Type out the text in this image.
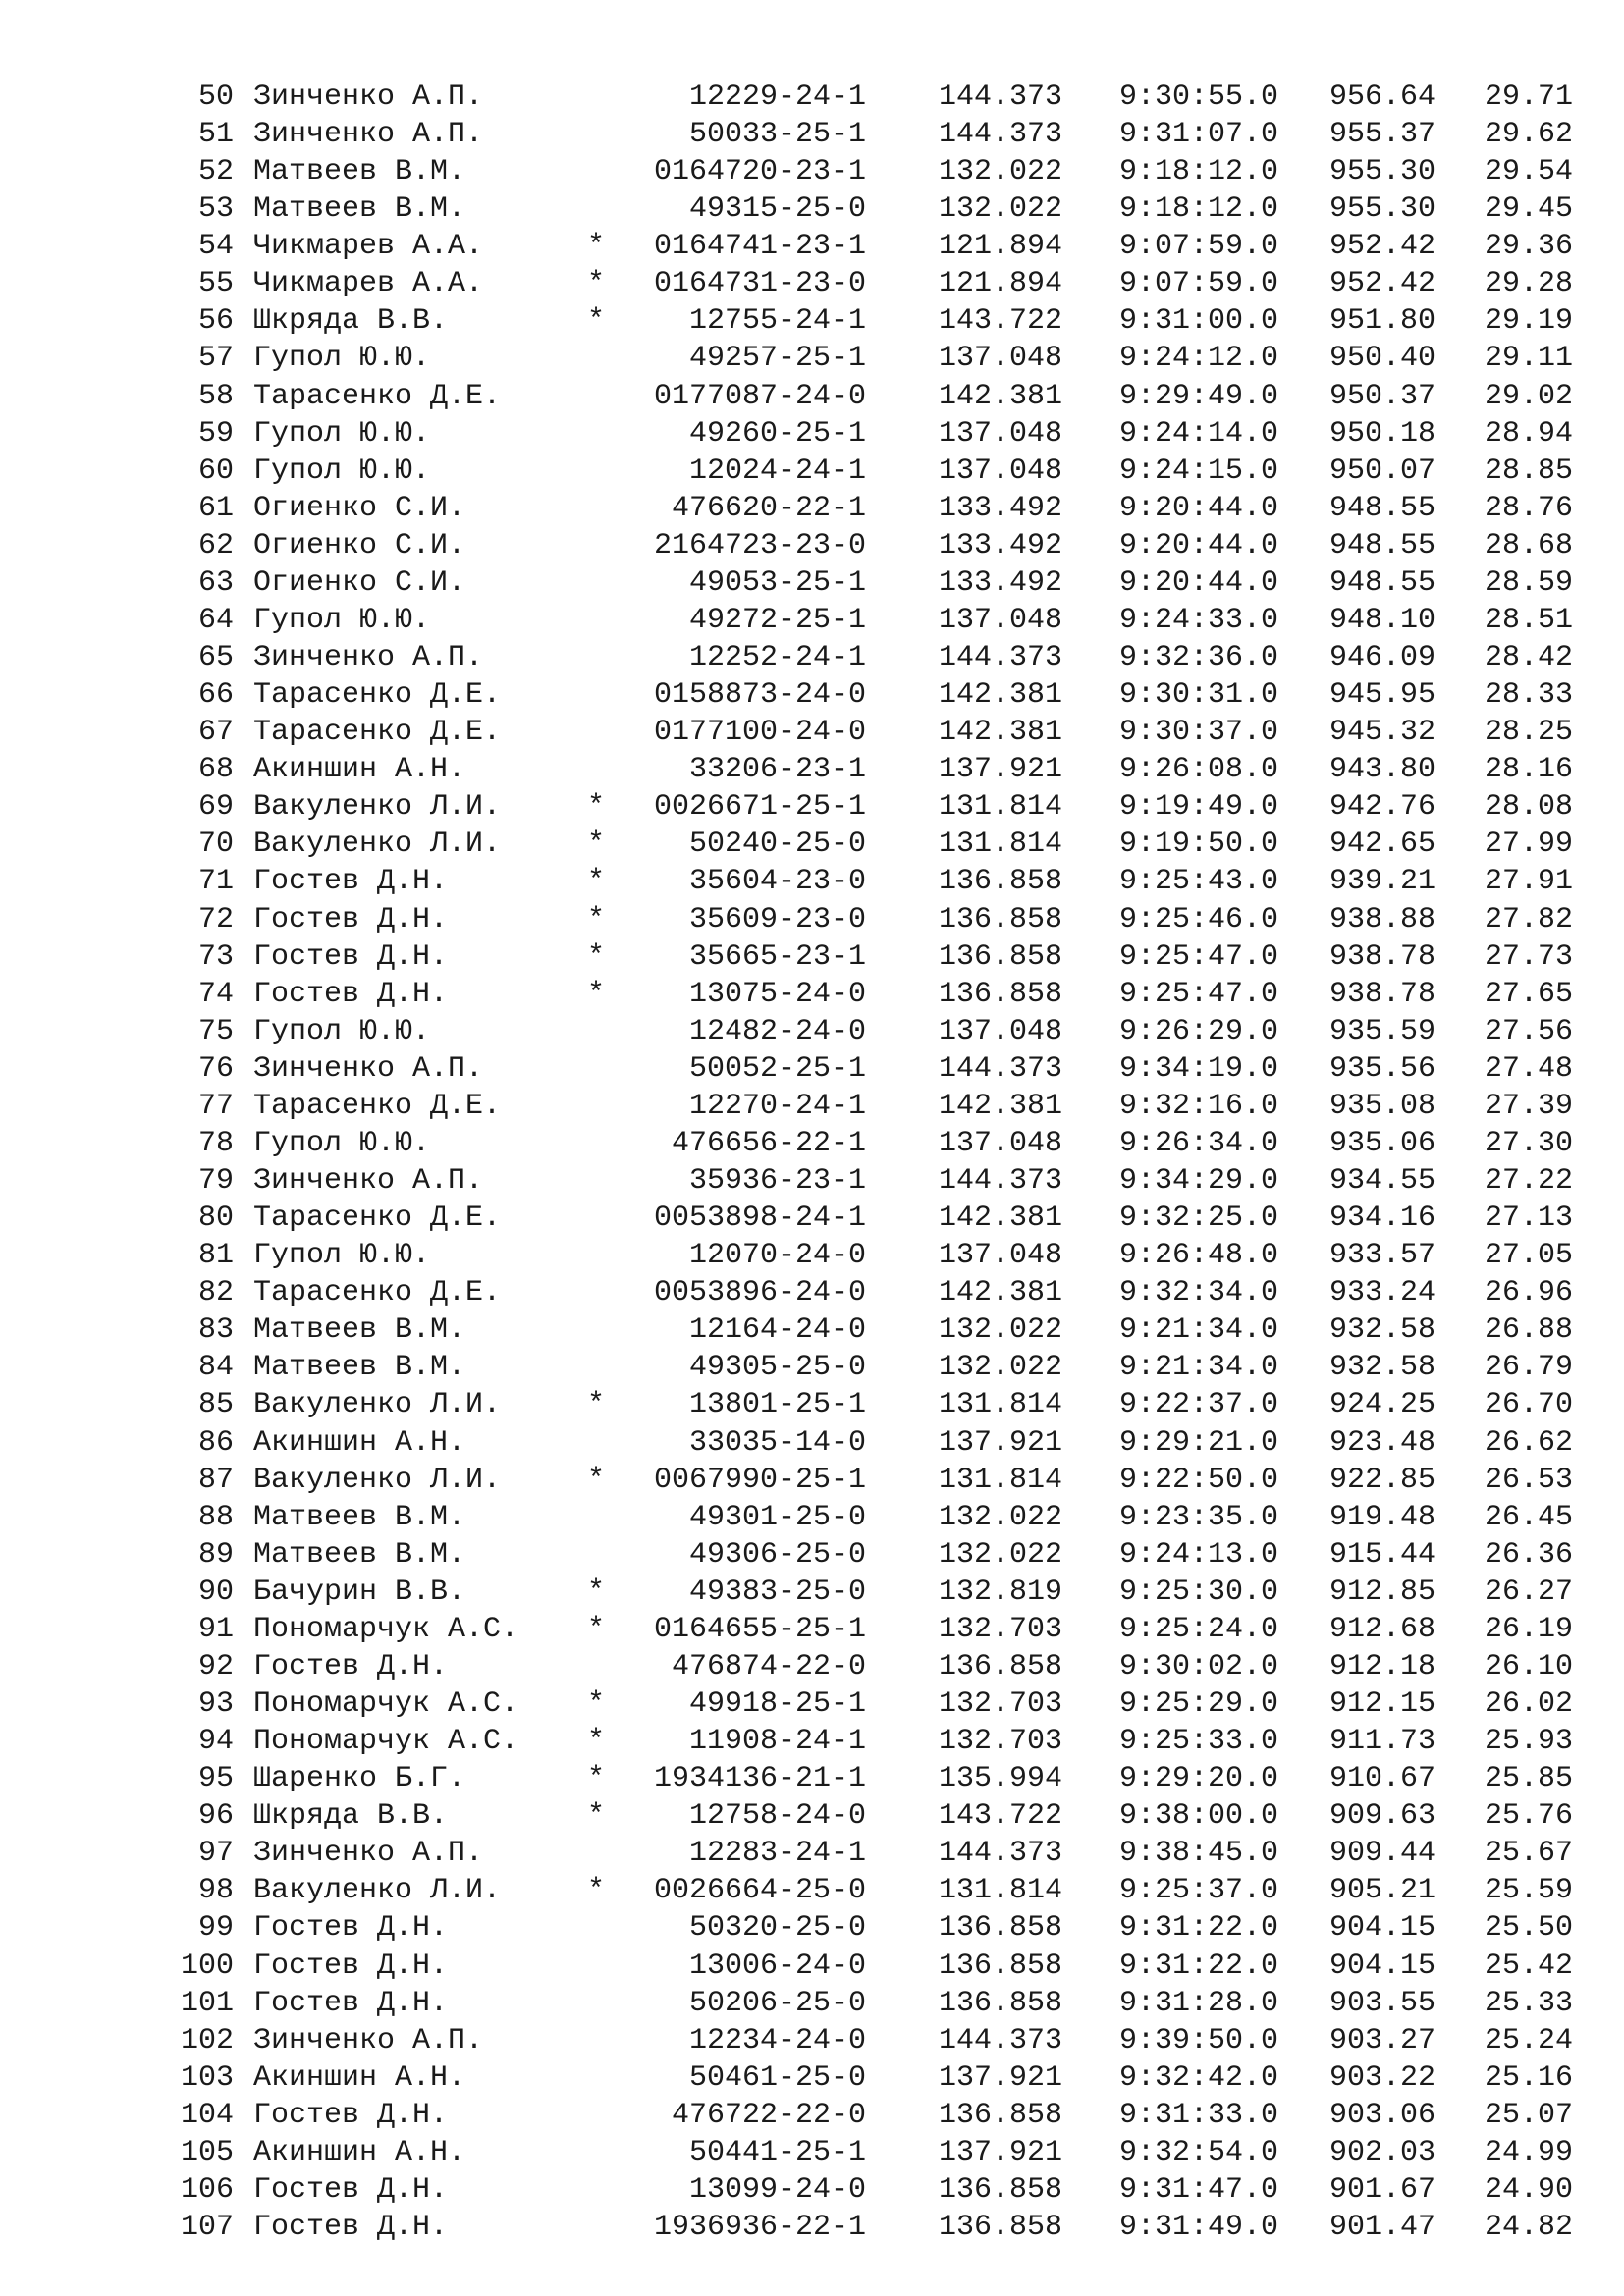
50 Зинченко А.П.	12229-24-1 144.373 9:30:55.0 956.64 29.71
51 Зинченко А.П.	50033-25-1 144.373 9:31:07.0 955.37 29.62
52 Матвеев В.М.	0164720-23-1 132.022 9:18:12.0 955.30 29.54
53 Матвеев В.М.	49315-25-0 132.022 9:18:12.0 955.30 29.45
54 Чикмарев А.А.	* 0164741-23-1 121.894 9:07:59.0 952.42 29.36
55 Чикмарев А.А.	* 0164731-23-0 121.894 9:07:59.0 952.42 29.28
56 Шкряда В.В.	*	12755-24-1 143.722 9:31:00.0 951.80 29.19
57 Гупол Ю.Ю.	49257-25-1 137.048 9:24:12.0 950.40 29.11
58 Тарасенко Д.Е.	0177087-24-0 142.381 9:29:49.0 950.37 29.02
59 Гупол Ю.Ю.	49260-25-1 137.048 9:24:14.0 950.18 28.94
60 Гупол Ю.Ю.	12024-24-1 137.048 9:24:15.0 950.07 28.85
61 Огиенко С.И.	476620-22-1 133.492 9:20:44.0 948.55 28.76
62 Огиенко С.И.	2164723-23-0 133.492 9:20:44.0 948.55 28.68
63 Огиенко С.И.	49053-25-1 133.492 9:20:44.0 948.55 28.59
64 Гупол Ю.Ю.	49272-25-1 137.048 9:24:33.0 948.10 28.51
65 Зинченко А.П.	12252-24-1 144.373 9:32:36.0 946.09 28.42
66 Тарасенко Д.Е.	0158873-24-0 142.381 9:30:31.0 945.95 28.33
67 Тарасенко Д.Е.	0177100-24-0 142.381 9:30:37.0 945.32 28.25
68 Акиншин А.Н.	33206-23-1 137.921 9:26:08.0 943.80 28.16
69 Вакуленко Л.И.	* 0026671-25-1 131.814 9:19:49.0 942.76 28.08
70 Вакуленко Л.И.	*	50240-25-0 131.814 9:19:50.0 942.65 27.99
71 Гостев Д.Н.	*	35604-23-0 136.858 9:25:43.0 939.21 27.91
72 Гостев Д.Н.	*	35609-23-0 136.858 9:25:46.0 938.88 27.82
73 Гостев Д.Н.	*	35665-23-1 136.858 9:25:47.0 938.78 27.73
74 Гостев Д.Н.	*	13075-24-0 136.858 9:25:47.0 938.78 27.65
75 Гупол Ю.Ю.	12482-24-0 137.048 9:26:29.0 935.59 27.56
76 Зинченко А.П.	50052-25-1 144.373 9:34:19.0 935.56 27.48
77 Тарасенко Д.Е.	12270-24-1 142.381 9:32:16.0 935.08 27.39
78 Гупол Ю.Ю.	476656-22-1 137.048 9:26:34.0 935.06 27.30
79 Зинченко А.П.	35936-23-1 144.373 9:34:29.0 934.55 27.22
80 Тарасенко Д.Е.	0053898-24-1 142.381 9:32:25.0 934.16 27.13
81 Гупол Ю.Ю.	12070-24-0 137.048 9:26:48.0 933.57 27.05
82 Тарасенко Д.Е.	0053896-24-0 142.381 9:32:34.0 933.24 26.96
83 Матвеев В.М.	12164-24-0 132.022 9:21:34.0 932.58 26.88
84 Матвеев В.М.	49305-25-0 132.022 9:21:34.0 932.58 26.79
85 Вакуленко Л.И.	*	13801-25-1 131.814 9:22:37.0 924.25 26.70
86 Акиншин А.Н.	33035-14-0 137.921 9:29:21.0 923.48 26.62
87 Вакуленко Л.И.	* 0067990-25-1 131.814 9:22:50.0 922.85 26.53
88 Матвеев В.М.	49301-25-0 132.022 9:23:35.0 919.48 26.45
89 Матвеев В.М.	49306-25-0 132.022 9:24:13.0 915.44 26.36
90 Бачурин В.В.	*	49383-25-0 132.819 9:25:30.0 912.85 26.27
91 Пономарчук А.С. * 0164655-25-1 132.703 9:25:24.0 912.68 26.19
92 Гостев Д.Н.	476874-22-0 136.858 9:30:02.0 912.18 26.10
93 Пономарчук А.С. *	49918-25-1 132.703 9:25:29.0 912.15 26.02
94 Пономарчук А.С. *	11908-24-1 132.703 9:25:33.0 911.73 25.93
95 Шаренко Б.Г.	* 1934136-21-1 135.994 9:29:20.0 910.67 25.85
96 Шкряда В.В.	*	12758-24-0 143.722 9:38:00.0 909.63 25.76
97 Зинченко А.П.	12283-24-1 144.373 9:38:45.0 909.44 25.67
98 Вакуленко Л.И.	* 0026664-25-0 131.814 9:25:37.0 905.21 25.59
99 Гостев Д.Н.	50320-25-0 136.858 9:31:22.0 904.15 25.50
100 Гостев Д.Н.	13006-24-0 136.858 9:31:22.0 904.15 25.42
101 Гостев Д.Н.	50206-25-0 136.858 9:31:28.0 903.55 25.33
102 Зинченко А.П.	12234-24-0 144.373 9:39:50.0 903.27 25.24
103 Акиншин А.Н.	50461-25-0 137.921 9:32:42.0 903.22 25.16
104 Гостев Д.Н.	476722-22-0 136.858 9:31:33.0 903.06 25.07
105 Акиншин А.Н.	50441-25-1 137.921 9:32:54.0 902.03 24.99
106 Гостев Д.Н.	13099-24-0 136.858 9:31:47.0 901.67 24.90
107 Гостев Д.Н.	1936936-22-1 136.858 9:31:49.0 901.47 24.82
